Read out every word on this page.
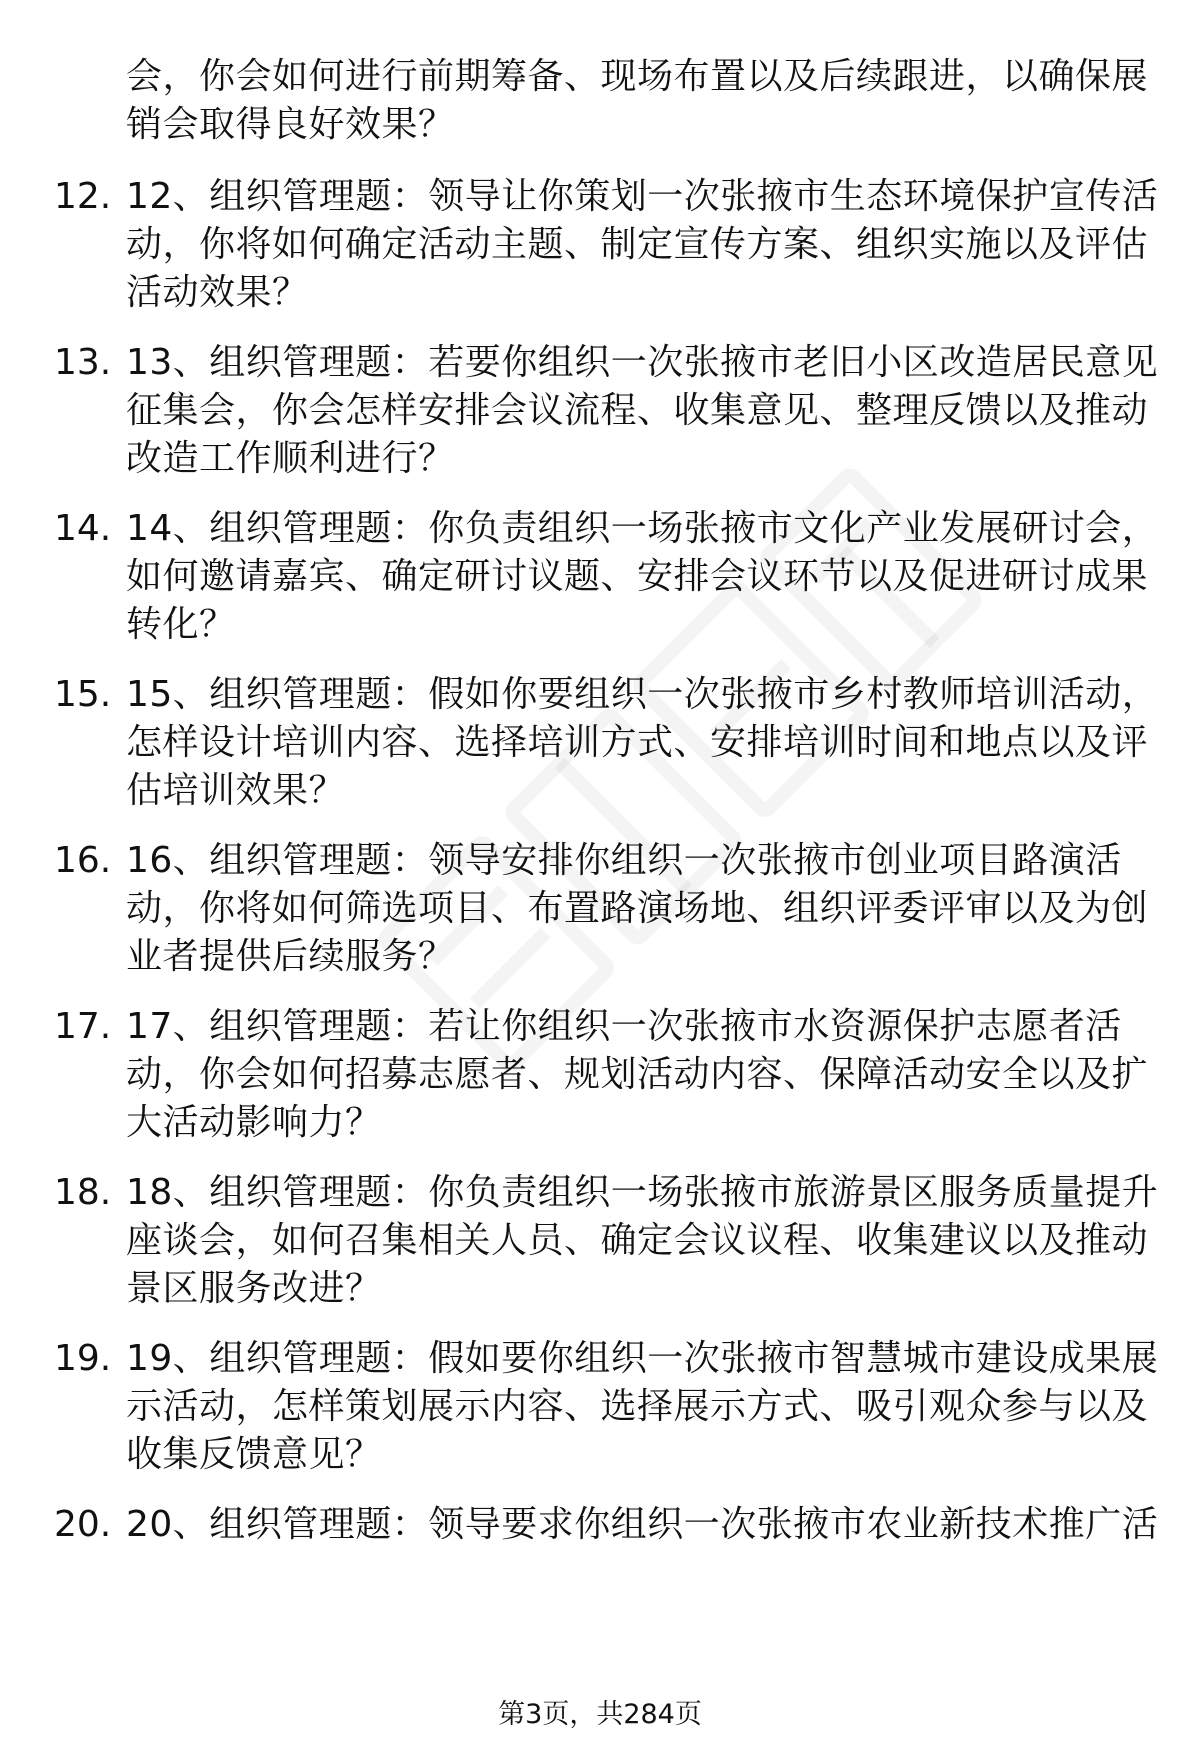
会，你会如何进行前期筹备、现场布置以及后续跟进，以确保展
销会取得良好效果？
12. 12、组织管理题：领导让你策划一次张掖市生态环境保护宣传活
动，你将如何确定活动主题、制定宣传方案、组织实施以及评估
活动效果？
13. 13、组织管理题：若要你组织一次张掖市老旧小区改造居民意见
征集会，你会怎样安排会议流程、收集意见、整理反馈以及推动
改造工作顺利进行？
14. 14、组织管理题：你负责组织一场张掖市文化产业发展研讨会，
如何邀请嘉宾、确定研讨议题、安排会议环节以及促进研讨成果
转化？
15. 15、组织管理题：假如你要组织一次张掖市乡村教师培训活动，
怎样设计培训内容、选择培训方式、安排培训时间和地点以及评
估培训效果？
16. 16、组织管理题：领导安排你组织一次张掖市创业项目路演活
动，你将如何筛选项目、布置路演场地、组织评委评审以及为创
业者提供后续服务？
17. 17、组织管理题：若让你组织一次张掖市水资源保护志愿者活
动，你会如何招募志愿者、规划活动内容、保障活动安全以及扩
大活动影响力？
18. 18、组织管理题：你负责组织一场张掖市旅游景区服务质量提升
座谈会，如何召集相关人员、确定会议议程、收集建议以及推动
景区服务改进？
19. 19、组织管理题：假如要你组织一次张掖市智慧城市建设成果展
示活动，怎样策划展示内容、选择展示方式、吸引观众参与以及
收集反馈意见？
20. 20、组织管理题：领导要求你组织一次张掖市农业新技术推广活
第3页，共284页
